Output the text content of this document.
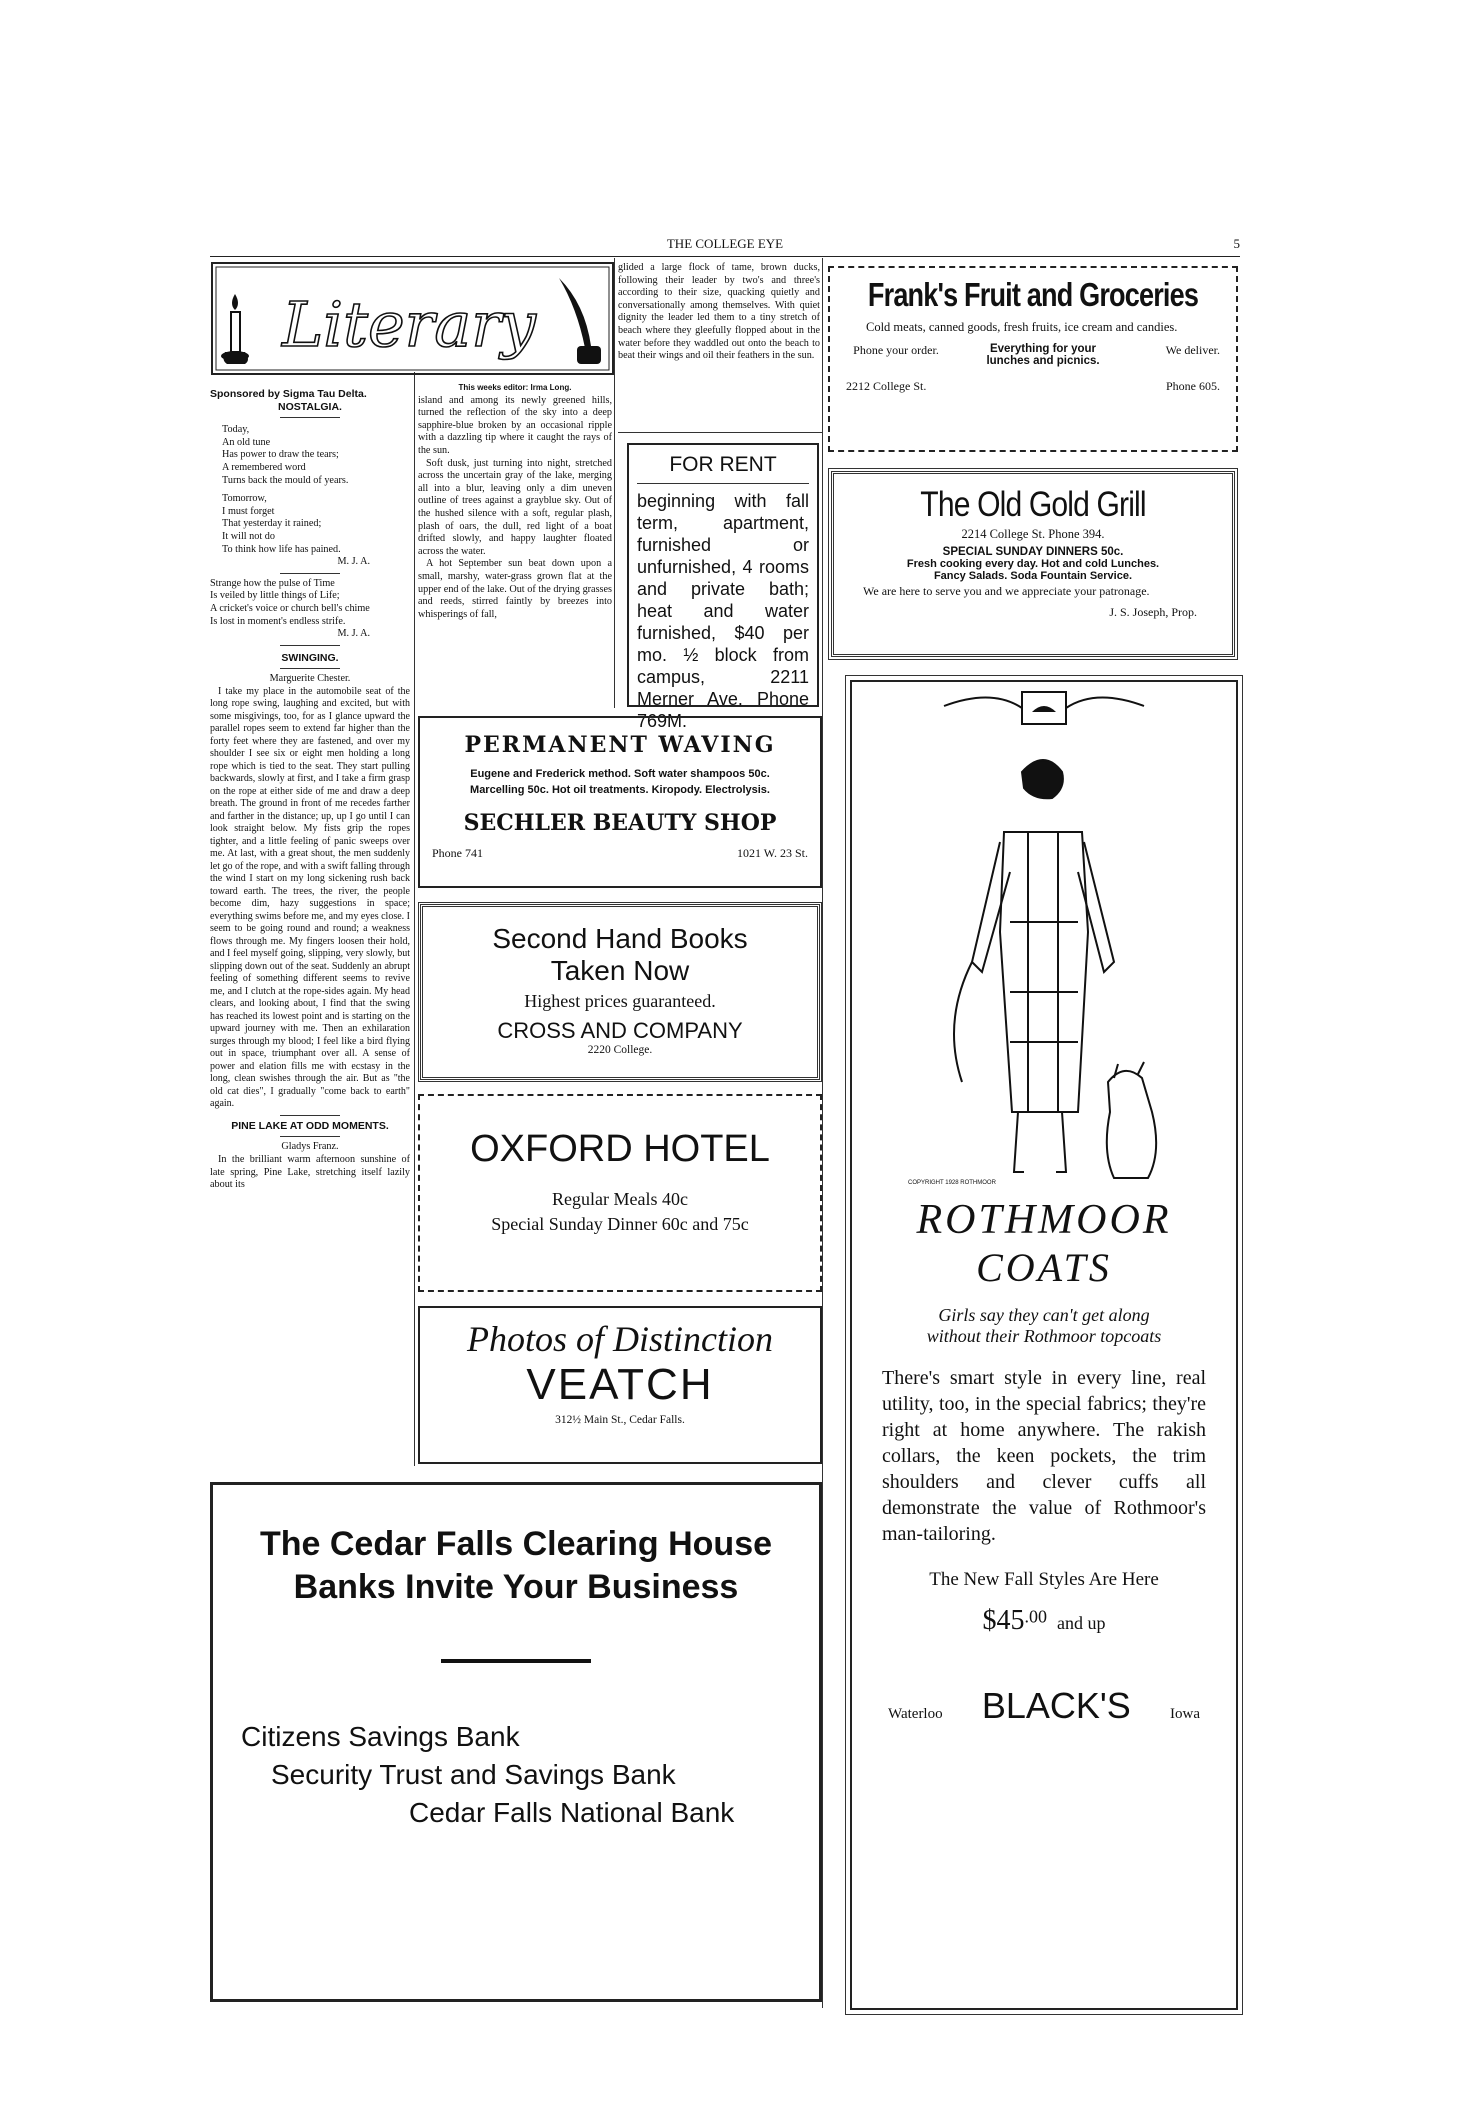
THE COLLEGE EYE	5
Literary
Sponsored by Sigma Tau Delta.
NOSTALGIA.
Today,
An old tune
Has power to draw the tears;
A remembered word
Turns back the mould of years.
Tomorrow,
I must forget
That yesterday it rained;
It will not do
To think how life has pained.
M. J. A.
Strange how the pulse of Time
Is veiled by little things of Life;
A cricket's voice or church bell's chime
Is lost in moment's endless strife.
M. J. A.
SWINGING.
Marguerite Chester.

I take my place in the automobile seat of the long rope swing, laughing and excited, but with some misgivings, too, for as I glance upward the parallel ropes seem to extend far higher than the forty feet where they are fastened, and over my shoulder I see six or eight men holding a long rope which is tied to the seat. They start pulling backwards, slowly at first, and I take a firm grasp on the rope at either side of me and draw a deep breath. The ground in front of me recedes farther and farther in the distance; up, up I go until I can look straight below. My fists grip the ropes tighter, and a little feeling of panic sweeps over me. At last, with a great shout, the men suddenly let go of the rope, and with a swift falling through the wind I start on my long sickening rush back toward earth. The trees, the river, the people become dim, hazy suggestions in space; everything swims before me, and my eyes close. I seem to be going round and round; a weakness flows through me. My fingers loosen their hold, and I feel myself going, slipping, very slowly, but slipping down out of the seat. Suddenly an abrupt feeling of something different seems to revive me, and I clutch at the rope-sides again. My head clears, and looking about, I find that the swing has reached its lowest point and is starting on the upward journey with me. Then an exhilaration surges through my blood; I feel like a bird flying out in space, triumphant over all. A sense of power and elation fills me with ecstasy in the long, clean swishes through the air. But as "the old cat dies", I gradually "come back to earth" again.

PINE LAKE AT ODD MOMENTS.
Gladys Franz.

In the brilliant warm afternoon sunshine of late spring, Pine Lake, stretching itself lazily about its

This weeks editor: Irma Long.

island and among its newly greened hills, turned the reflection of the sky into a deep sapphire-blue broken by an occasional ripple with a dazzling tip where it caught the rays of the sun.

Soft dusk, just turning into night, stretched across the uncertain gray of the lake, merging all into a blur, leaving only a dim uneven outline of trees against a grayblue sky. Out of the hushed silence with a soft, regular plash, plash of oars, the dull, red light of a boat drifted slowly, and happy laughter floated across the water.

A hot September sun beat down upon a small, marshy, water-grass grown flat at the upper end of the lake. Out of the drying grasses and reeds, stirred faintly by breezes into whisperings of fall,

glided a large flock of tame, brown ducks, following their leader by two's and three's according to their size, quacking quietly and conversationally among themselves. With quiet dignity the leader led them to a tiny stretch of beach where they gleefully flopped about in the water before they waddled out onto the beach to beat their wings and oil their feathers in the sun.

FOR RENT
beginning with fall term, apartment, furnished or unfurnished, 4 rooms and private bath; heat and water furnished, $40 per mo. ½ block from campus, 2211 Merner Ave. Phone 769M.
Frank's Fruit and Groceries
Cold meats, canned goods, fresh fruits, ice cream and candies.
Phone your order.	Everything for your lunches and picnics.
We deliver.
2212 College St.	Phone 605.
The Old Gold Grill
2214 College St. Phone 394.
SPECIAL SUNDAY DINNERS 50c.
Fresh cooking every day. Hot and cold Lunches.
Fancy Salads. Soda Fountain Service.
We are here to serve you and we appreciate your patronage.
J. S. Joseph, Prop.
PERMANENT WAVING
Eugene and Frederick method. Soft water shampoos 50c.
Marcelling 50c. Hot oil treatments. Kiropody. Electrolysis.
SECHLER BEAUTY SHOP
Phone 741	1021 W. 23 St.
Second Hand Books
Taken Now
Highest prices guaranteed.
CROSS AND COMPANY
2220 College.
OXFORD HOTEL
Regular Meals 40c
Special Sunday Dinner 60c and 75c
Photos of Distinction
VEATCH
312½ Main St., Cedar Falls.
The Cedar Falls Clearing House
Banks Invite Your Business
Citizens Savings Bank
Security Trust and Savings Bank
Cedar Falls National Bank
COPYRIGHT 1928 ROTHMOOR
ROTHMOOR
COATS
Girls say they can't get along
without their Rothmoor topcoats
There's smart style in every line, real utility, too, in the special fabrics; they're right at home anywhere. The rakish collars, the keen pockets, the trim shoulders and clever cuffs all demonstrate the value of Rothmoor's man-tailoring.
The New Fall Styles Are Here
$\$45^{.00}$ and up
Waterloo BLACK'S	Iowa
